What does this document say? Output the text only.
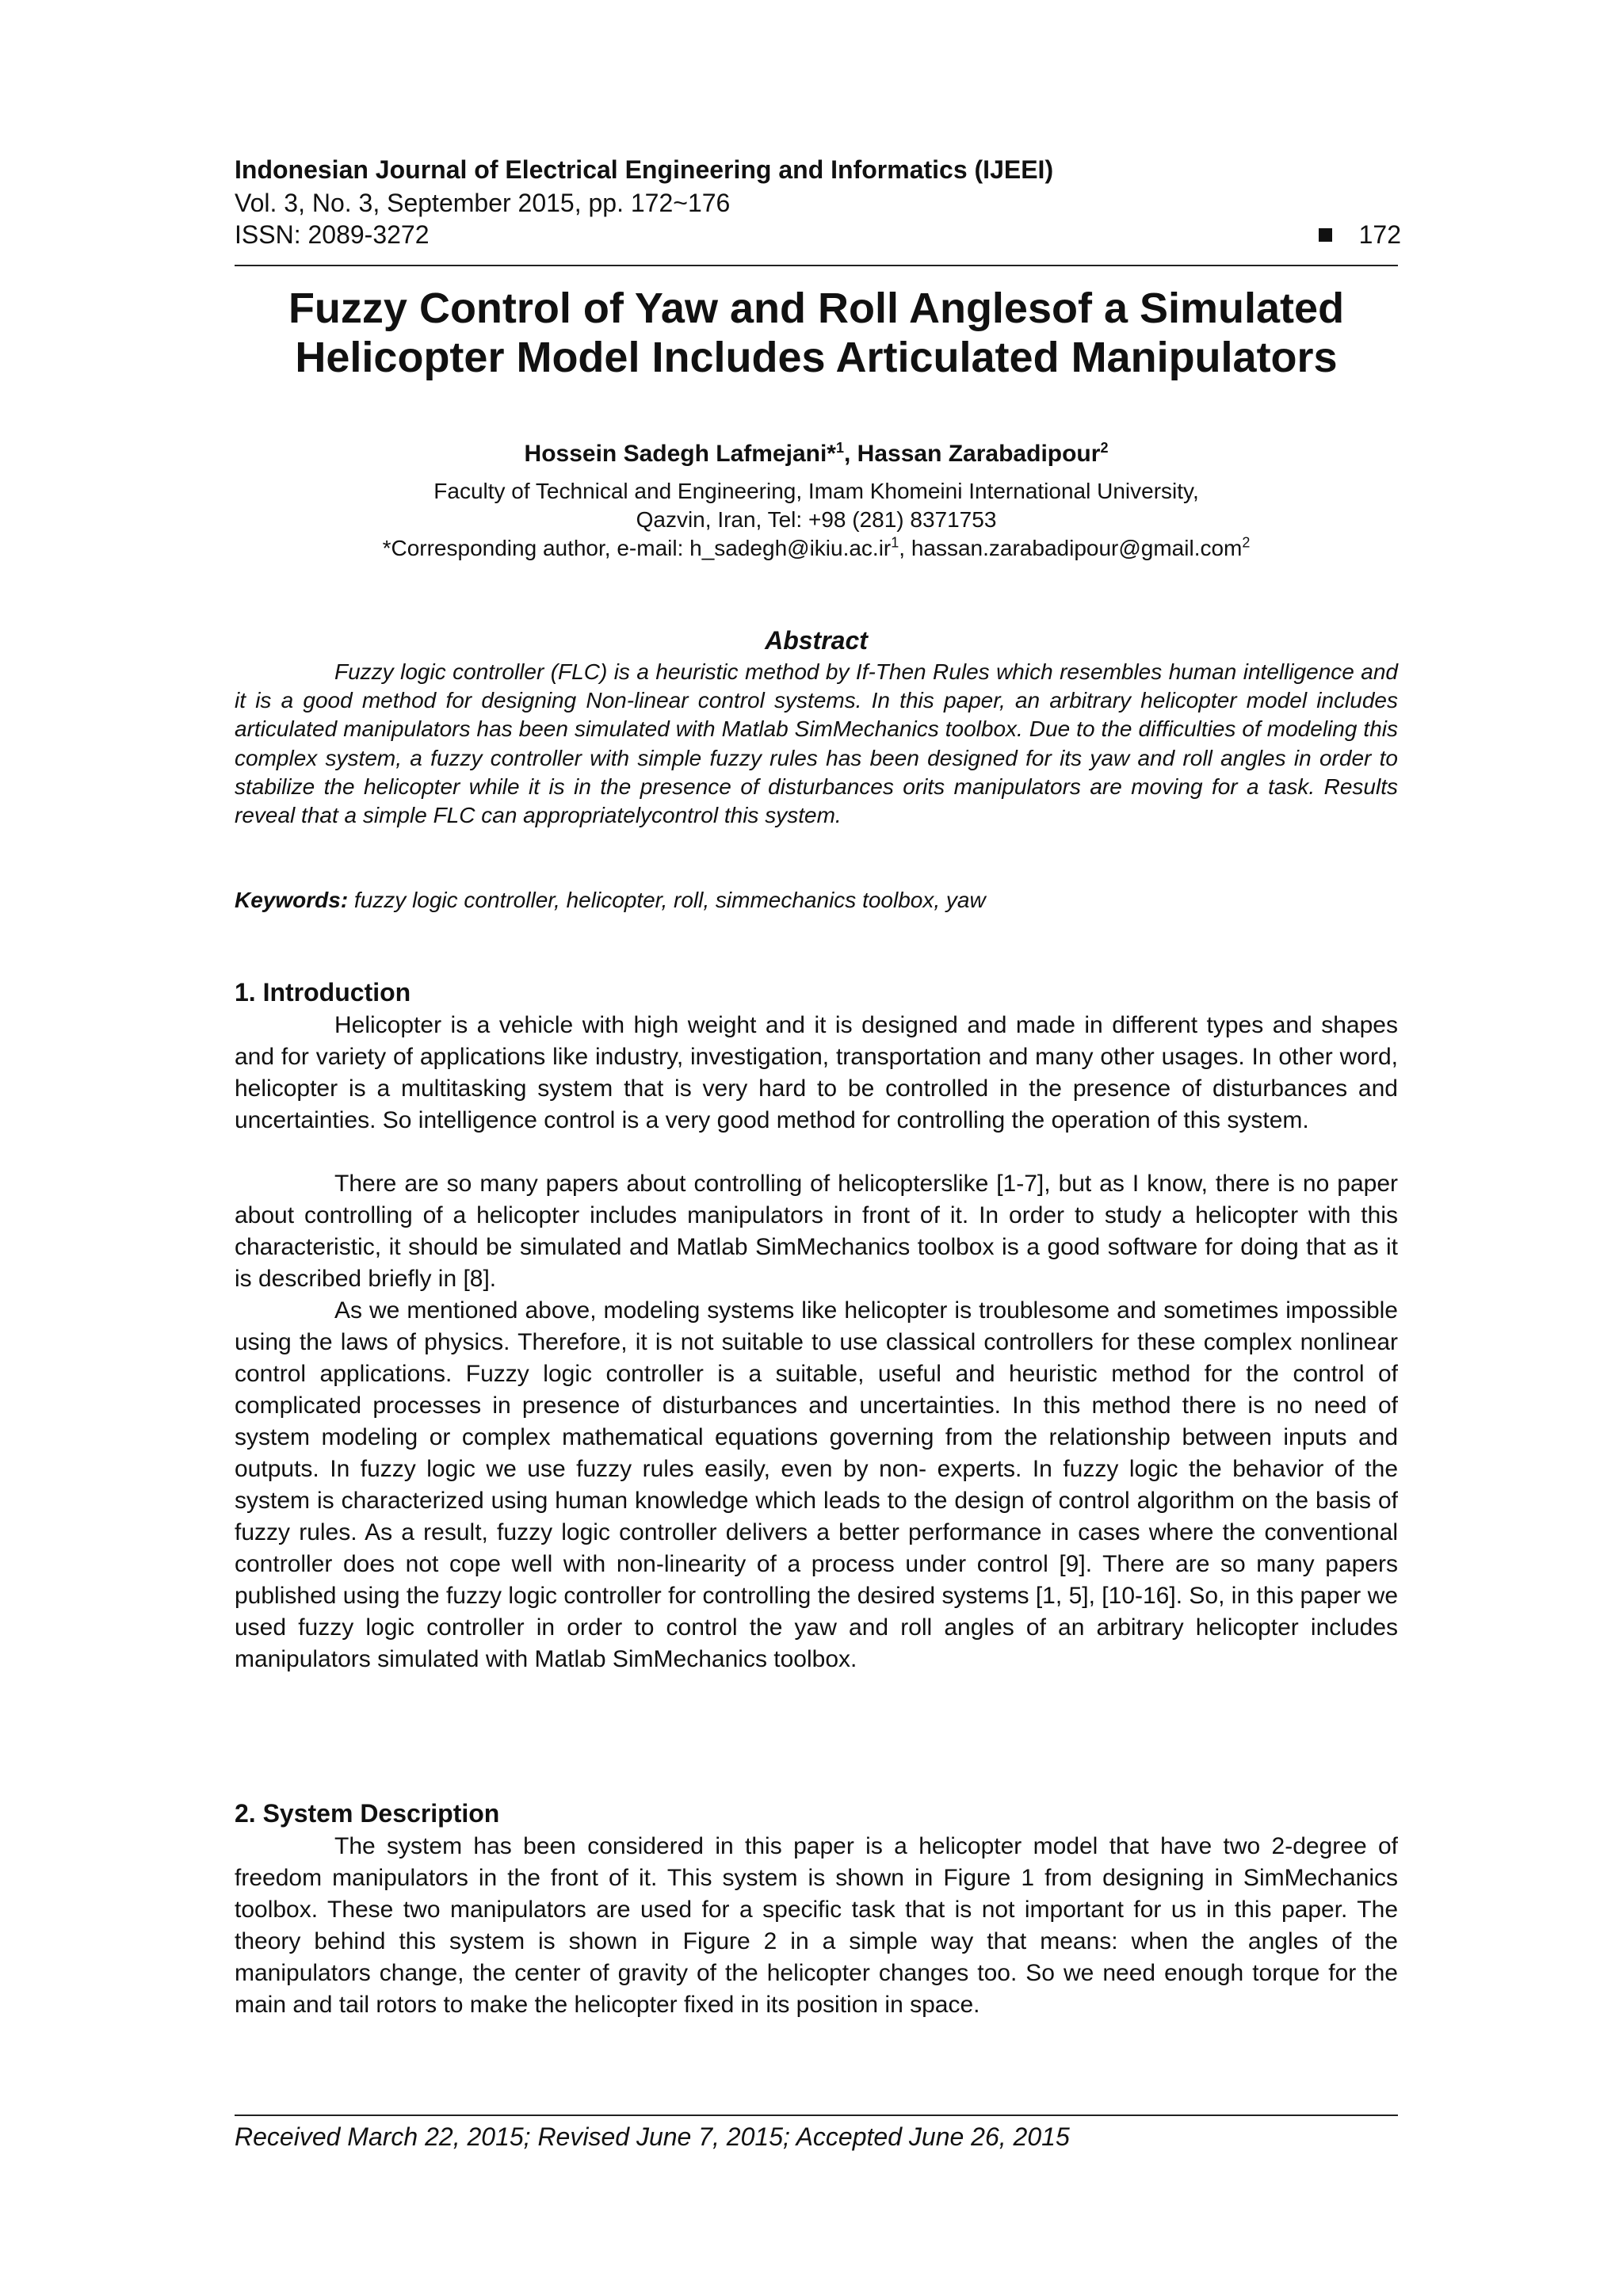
Indonesian Journal of Electrical Engineering and Informatics (IJEEI)
Vol. 3, No. 3, September 2015, pp. 172~176
ISSN: 2089-3272	172
Fuzzy Control of Yaw and Roll Anglesof a Simulated
Helicopter Model Includes Articulated Manipulators
Hossein Sadegh Lafmejani*$^1$, Hassan Zarabadipour$^2$
Faculty of Technical and Engineering, Imam Khomeini International University,
Qazvin, Iran, Tel: +98 (281) 8371753
*Corresponding author, e-mail: $h\_sadegh@ikiu.ac.ir^1$, hassan.zarabadipour@gmail.com$^2$
Abstract

Fuzzy logic controller (FLC) is a heuristic method by If-Then Rules which resembles human intelligence and it is a good method for designing Non-linear control systems. In this paper, an arbitrary helicopter model includes articulated manipulators has been simulated with Matlab SimMechanics toolbox. Due to the difficulties of modeling this complex system, a fuzzy controller with simple fuzzy rules has been designed for its yaw and roll angles in order to stabilize the helicopter while it is in the presence of disturbances orits manipulators are moving for a task. Results reveal that a simple FLC can appropriatelycontrol this system.

Keywords: fuzzy logic controller, helicopter, roll, simmechanics toolbox, yaw
1. Introduction

Helicopter is a vehicle with high weight and it is designed and made in different types and shapes and for variety of applications like industry, investigation, transportation and many other usages. In other word, helicopter is a multitasking system that is very hard to be controlled in the presence of disturbances and uncertainties. So intelligence control is a very good method for controlling the operation of this system.

There are so many papers about controlling of helicopterslike [1-7], but as I know, there is no paper about controlling of a helicopter includes manipulators in front of it. In order to study a helicopter with this characteristic, it should be simulated and Matlab SimMechanics toolbox is a good software for doing that as it is described briefly in [8].

As we mentioned above, modeling systems like helicopter is troublesome and sometimes impossible using the laws of physics. Therefore, it is not suitable to use classical controllers for these complex nonlinear control applications. Fuzzy logic controller is a suitable, useful and heuristic method for the control of complicated processes in presence of disturbances and uncertainties. In this method there is no need of system modeling or complex mathematical equations governing from the relationship between inputs and outputs. In fuzzy logic we use fuzzy rules easily, even by non- experts. In fuzzy logic the behavior of the system is characterized using human knowledge which leads to the design of control algorithm on the basis of fuzzy rules. As a result, fuzzy logic controller delivers a better performance in cases where the conventional controller does not cope well with non-linearity of a process under control [9]. There are so many papers published using the fuzzy logic controller for controlling the desired systems [1, 5], [10-16]. So, in this paper we used fuzzy logic controller in order to control the yaw and roll angles of an arbitrary helicopter includes manipulators simulated with Matlab SimMechanics toolbox.

2. System Description

The system has been considered in this paper is a helicopter model that have two 2-degree of freedom manipulators in the front of it. This system is shown in Figure 1 from designing in SimMechanics toolbox. These two manipulators are used for a specific task that is not important for us in this paper. The theory behind this system is shown in Figure 2 in a simple way that means: when the angles of the manipulators change, the center of gravity of the helicopter changes too. So we need enough torque for the main and tail rotors to make the helicopter fixed in its position in space.

Received March 22, 2015; Revised June 7, 2015; Accepted June 26, 2015
